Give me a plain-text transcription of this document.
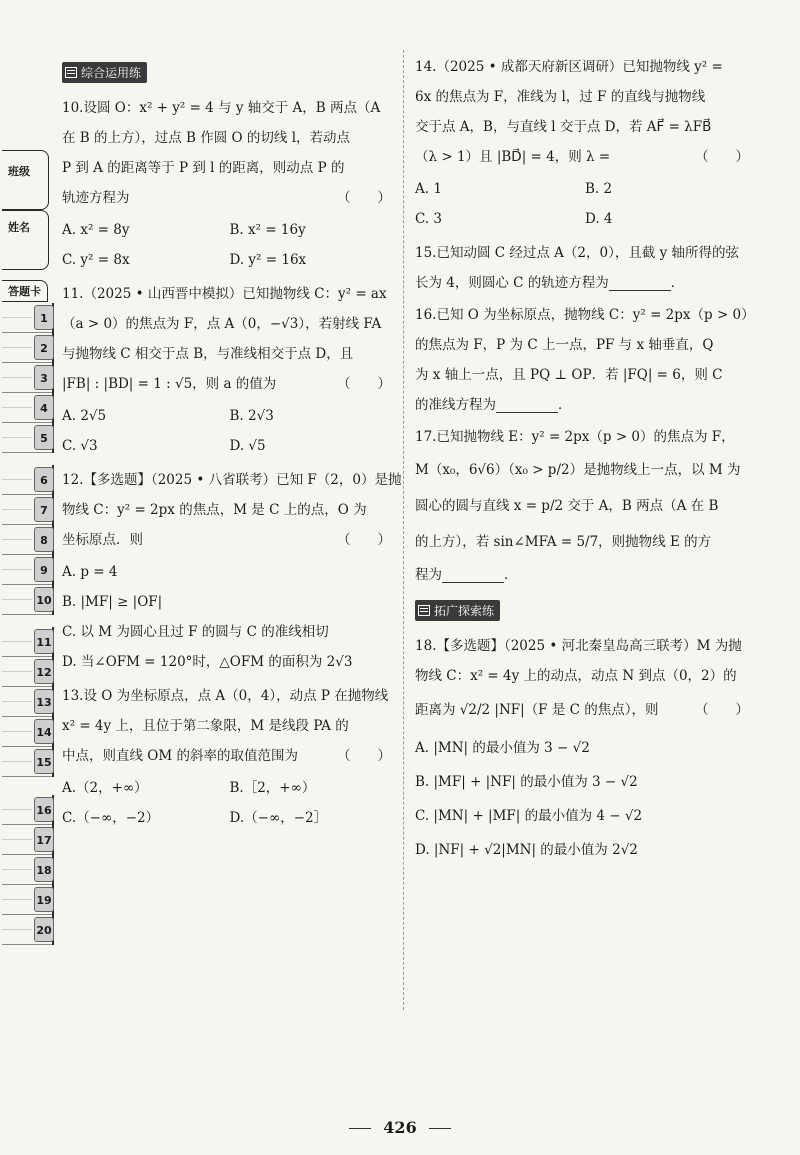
班级
姓名
答题卡
1
2
3
4
5
6
7
8
9
10
11
12
13
14
15
16
17
18
19
20
综合运用练
10.设圆 O：x² + y² = 4 与 y 轴交于 A，B 两点（A
在 B 的上方），过点 B 作圆 O 的切线 l，若动点
P 到 A 的距离等于 P 到 l 的距离，则动点 P 的
轨迹方程为	（　　）
A. x² = 8y	B. x² = 16y
C. y² = 8x	D. y² = 16x
11.（2025 • 山西晋中模拟）已知抛物线 C：y² = ax
（a > 0）的焦点为 F，点 A（0，−√3），若射线 FA
与抛物线 C 相交于点 B，与准线相交于点 D，且
|FB| : |BD| = 1 : √5，则 a 的值为	（　　）
A. 2√5	B. 2√3
C. √3	D. √5
12.【多选题】（2025 • 八省联考）已知 F（2，0）是抛
物线 C：y² = 2px 的焦点，M 是 C 上的点，O 为
坐标原点．则	（　　）
A. p = 4
B. |MF| ≥ |OF|
C. 以 M 为圆心且过 F 的圆与 C 的准线相切
D. 当∠OFM = 120°时，△OFM 的面积为 2√3
13.设 O 为坐标原点，点 A（0，4），动点 P 在抛物线
x² = 4y 上，且位于第二象限，M 是线段 PA 的
中点，则直线 OM 的斜率的取值范围为	（　　）
A.（2，+∞）	B.［2，+∞）
C.（−∞，−2）	D.（−∞，−2］
14.（2025 • 成都天府新区调研）已知抛物线 y² =
6x 的焦点为 F，准线为 l，过 F 的直线与抛物线
交于点 A，B，与直线 l 交于点 D，若 AF⃗ = λFB⃗
（λ > 1）且 |BD⃗| = 4，则 λ =	（　　）
A. 1	B. 2
C. 3	D. 4
15.已知动圆 C 经过点 A（2，0），且截 y 轴所得的弦
长为 4，则圆心 C 的轨迹方程为	．
16.已知 O 为坐标原点，抛物线 C：y² = 2px（p > 0）
的焦点为 F，P 为 C 上一点，PF 与 x 轴垂直，Q
为 x 轴上一点，且 PQ ⊥ OP．若 |FQ| = 6，则 C
的准线方程为	．
17.已知抛物线 E：y² = 2px（p > 0）的焦点为 F，
M（x₀，6√6）（x₀ > p/2）是抛物线上一点，以 M 为
圆心的圆与直线 x = p/2 交于 A，B 两点（A 在 B
的上方），若 sin∠MFA = 5/7，则抛物线 E 的方
程为	．
拓广探索练
18.【多选题】（2025 • 河北秦皇岛高三联考）M 为抛
物线 C：x² = 4y 上的动点，动点 N 到点（0，2）的
距离为 √2/2 |NF|（F 是 C 的焦点），则	（　　）
A. |MN| 的最小值为 3 − √2
B. |MF| + |NF| 的最小值为 3 − √2
C. |MN| + |MF| 的最小值为 4 − √2
D. |NF| + √2|MN| 的最小值为 2√2
426
